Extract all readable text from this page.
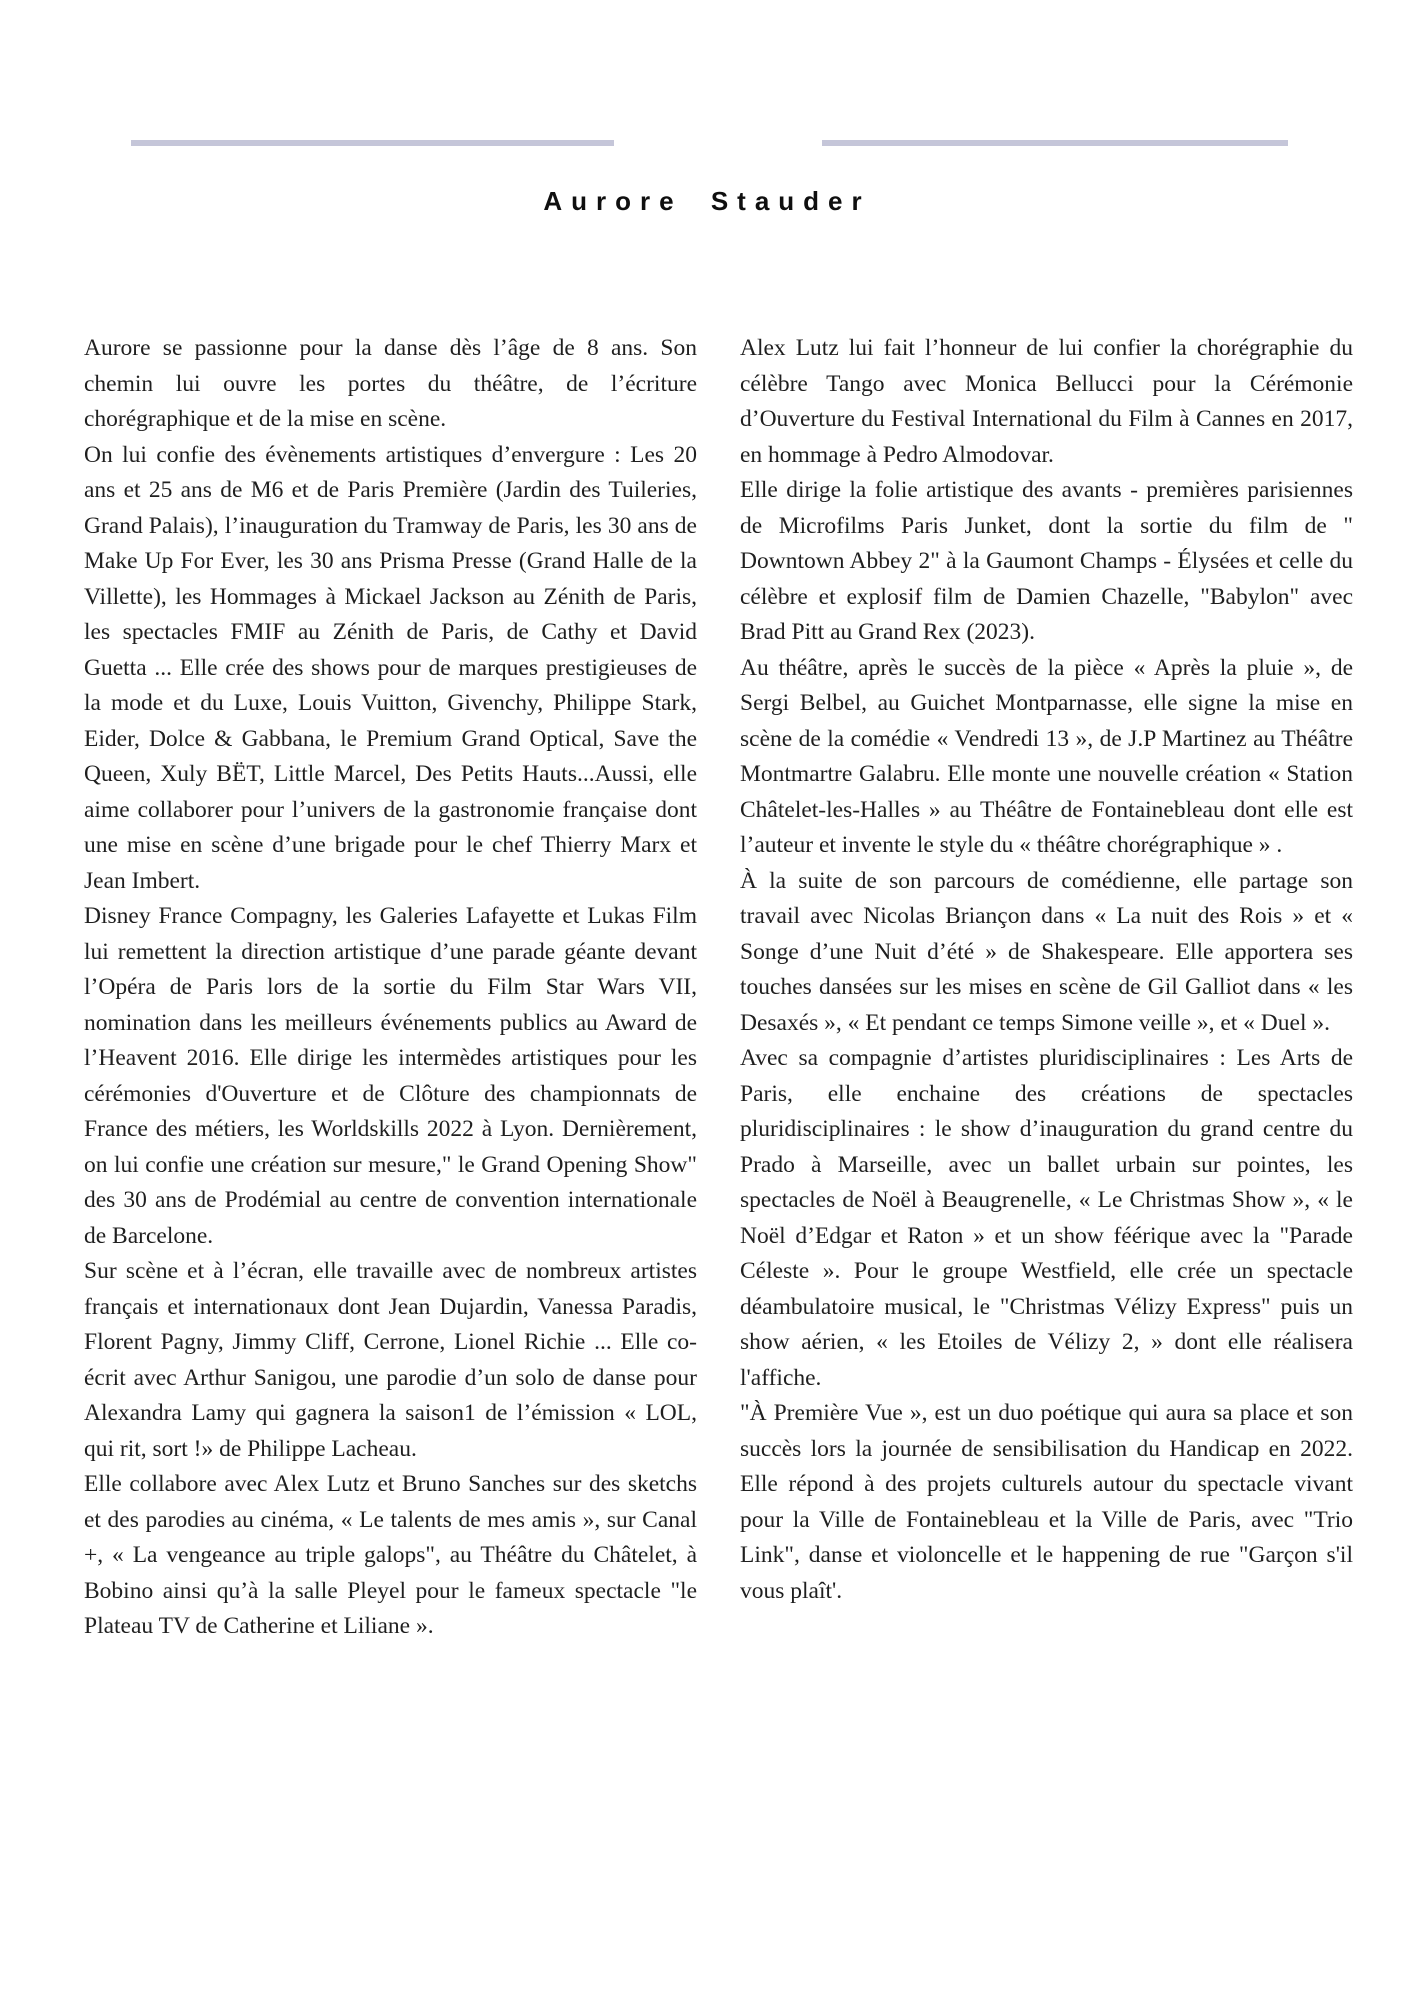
Aurore Stauder

Aurore se passionne pour la danse dès l’âge de 8 ans. Son chemin lui ouvre les portes du théâtre, de l’écriture chorégraphique et de la mise en scène.

On lui confie des évènements artistiques d’envergure : Les 20 ans et 25 ans de M6 et de Paris Première (Jardin des Tuileries, Grand Palais), l’inauguration du Tramway de Paris, les 30 ans de Make Up For Ever, les 30 ans Prisma Presse (Grand Halle de la Villette), les Hommages à Mickael Jackson au Zénith de Paris, les spectacles FMIF au Zénith de Paris, de Cathy et David Guetta ... Elle crée des shows pour de marques prestigieuses de la mode et du Luxe, Louis Vuitton, Givenchy, Philippe Stark, Eider, Dolce & Gabbana, le Premium Grand Optical, Save the Queen, Xuly BËT, Little Marcel, Des Petits Hauts...Aussi, elle aime collaborer pour l’univers de la gastronomie française dont une mise en scène d’une brigade pour le chef Thierry Marx et Jean Imbert.

Disney France Compagny, les Galeries Lafayette et Lukas Film lui remettent la direction artistique d’une parade géante devant l’Opéra de Paris lors de la sortie du Film Star Wars VII, nomination dans les meilleurs événements publics au Award de l’Heavent 2016. Elle dirige les intermèdes artistiques pour les cérémonies d'Ouverture et de Clôture des championnats de France des métiers, les Worldskills 2022 à Lyon. Dernièrement, on lui confie une création sur mesure," le Grand Opening Show" des 30 ans de Prodémial au centre de convention internationale de Barcelone.

Sur scène et à l’écran, elle travaille avec de nombreux artistes français et internationaux dont Jean Dujardin, Vanessa Paradis, Florent Pagny, Jimmy Cliff, Cerrone, Lionel Richie ... Elle co- écrit avec Arthur Sanigou, une parodie d’un solo de danse pour Alexandra Lamy qui gagnera la saison1 de l’émission « LOL, qui rit, sort !» de Philippe Lacheau.

Elle collabore avec Alex Lutz et Bruno Sanches sur des sketchs et des parodies au cinéma, « Le talents de mes amis », sur Canal +, « La vengeance au triple galops", au Théâtre du Châtelet, à Bobino ainsi qu’à la salle Pleyel pour le fameux spectacle "le Plateau TV de Catherine et Liliane ».

Alex Lutz lui fait l’honneur de lui confier la chorégraphie du célèbre Tango avec Monica Bellucci pour la Cérémonie d’Ouverture du Festival International du Film à Cannes en 2017, en hommage à Pedro Almodovar.

Elle dirige la folie artistique des avants - premières parisiennes de Microfilms Paris Junket, dont la sortie du film de " Downtown Abbey 2" à la Gaumont Champs - Élysées et celle du célèbre et explosif film de Damien Chazelle, "Babylon" avec Brad Pitt au Grand Rex (2023).

Au théâtre, après le succès de la pièce « Après la pluie », de Sergi Belbel, au Guichet Montparnasse, elle signe la mise en scène de la comédie « Vendredi 13 », de J.P Martinez au Théâtre Montmartre Galabru. Elle monte une nouvelle création « Station Châtelet-les-Halles » au Théâtre de Fontainebleau dont elle est l’auteur et invente le style du « théâtre chorégraphique » .

À la suite de son parcours de comédienne, elle partage son travail avec Nicolas Briançon dans « La nuit des Rois » et « Songe d’une Nuit d’été » de Shakespeare. Elle apportera ses touches dansées sur les mises en scène de Gil Galliot dans « les Desaxés », « Et pendant ce temps Simone veille », et « Duel ».

Avec sa compagnie d’artistes pluridisciplinaires : Les Arts de Paris, elle enchaine des créations de spectacles pluridisciplinaires : le show d’inauguration du grand centre du Prado à Marseille, avec un ballet urbain sur pointes, les spectacles de Noël à Beaugrenelle, « Le Christmas Show », « le Noël d’Edgar et Raton » et un show féérique avec la "Parade Céleste ». Pour le groupe Westfield, elle crée un spectacle déambulatoire musical, le "Christmas Vélizy Express" puis un show aérien, « les Etoiles de Vélizy 2, » dont elle réalisera l'affiche.

"À Première Vue », est un duo poétique qui aura sa place et son succès lors la journée de sensibilisation du Handicap en 2022. Elle répond à des projets culturels autour du spectacle vivant pour la Ville de Fontainebleau et la Ville de Paris, avec "Trio Link", danse et violoncelle et le happening de rue "Garçon s'il vous plaît'.
